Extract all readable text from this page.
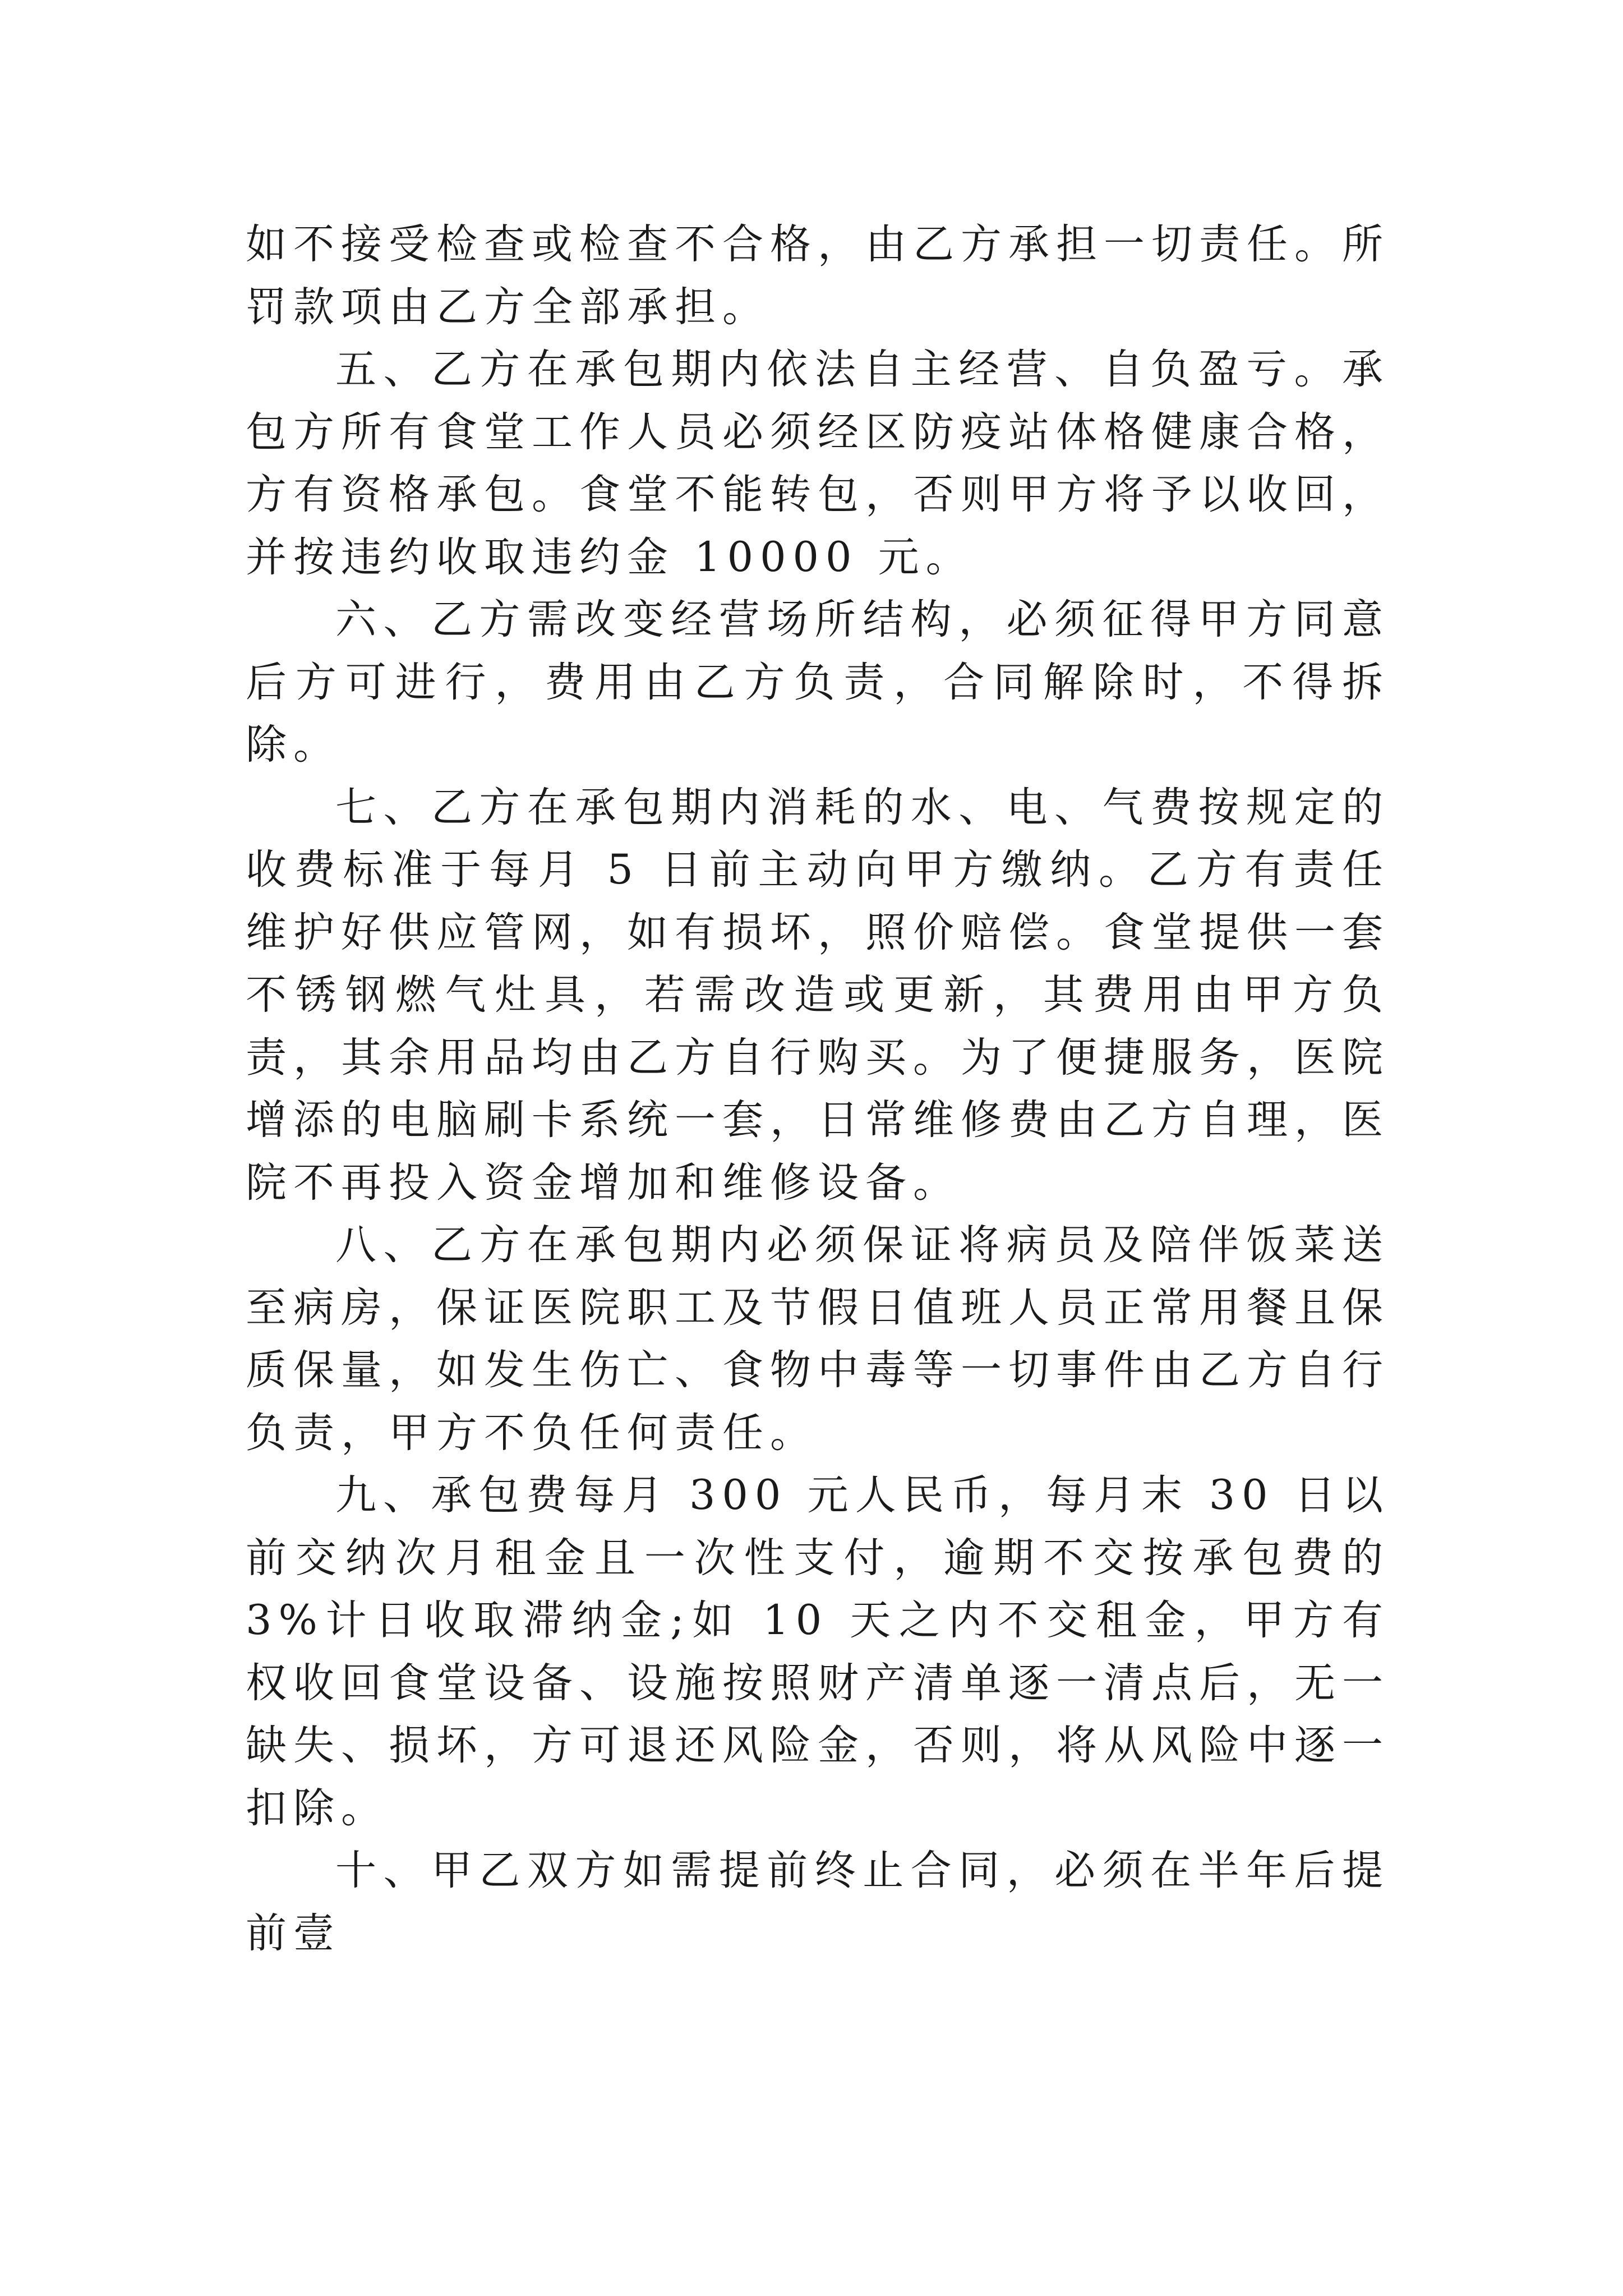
如不接受检查或检查不合格，由乙方承担一切责任。所罚款项由乙方全部承担。

五、乙方在承包期内依法自主经营、自负盈亏。承包方所有食堂工作人员必须经区防疫站体格健康合格，方有资格承包。食堂不能转包，否则甲方将予以收回，并按违约收取违约金 10000 元。

六、乙方需改变经营场所结构，必须征得甲方同意后方可进行，费用由乙方负责，合同解除时，不得拆除。

七、乙方在承包期内消耗的水、电、气费按规定的收费标准于每月 5 日前主动向甲方缴纳。乙方有责任维护好供应管网，如有损坏，照价赔偿。食堂提供一套不锈钢燃气灶具，若需改造或更新，其费用由甲方负责，其余用品均由乙方自行购买。为了便捷服务，医院增添的电脑刷卡系统一套，日常维修费由乙方自理，医院不再投入资金增加和维修设备。

八、乙方在承包期内必须保证将病员及陪伴饭菜送至病房，保证医院职工及节假日值班人员正常用餐且保质保量，如发生伤亡、食物中毒等一切事件由乙方自行负责，甲方不负任何责任。

九、承包费每月 300 元人民币，每月末 30 日以前交纳次月租金且一次性支付，逾期不交按承包费的 3%计日收取滞纳金;如 10 天之内不交租金，甲方有权收回食堂设备、设施按照财产清单逐一清点后，无一缺失、损坏，方可退还风险金，否则，将从风险中逐一扣除。

十、甲乙双方如需提前终止合同，必须在半年后提前壹
